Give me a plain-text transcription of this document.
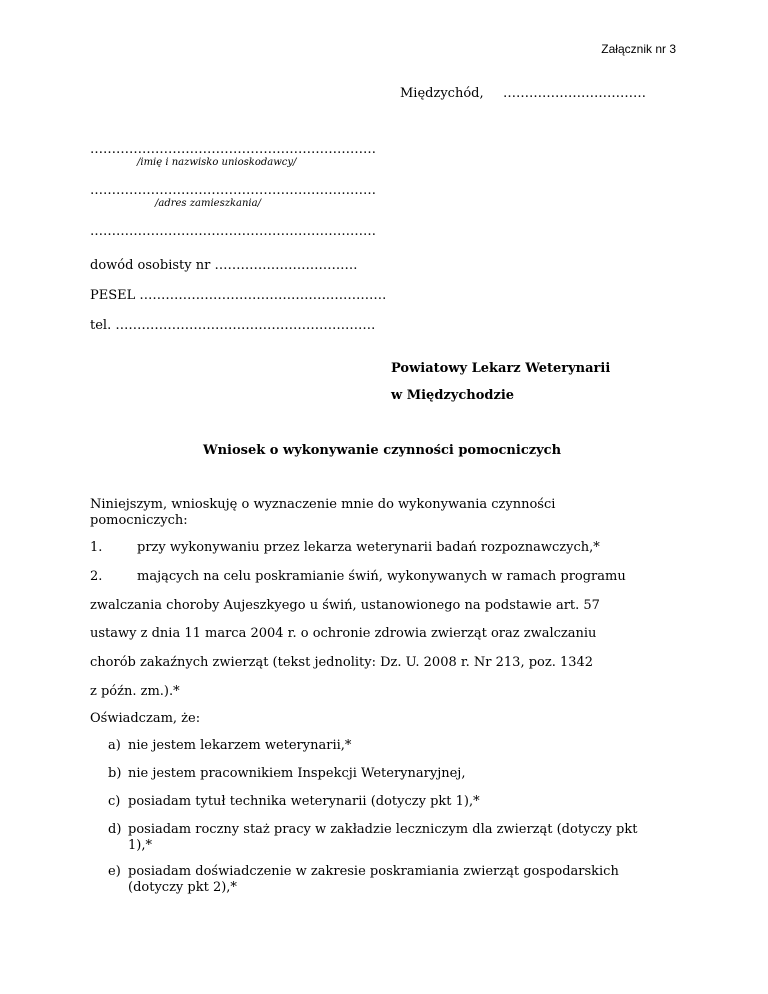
Załącznik nr 3
Międzychód, ……………………………
…………………………………………………………
/imię i nazwisko unioskodawcy/
…………………………………………………………
/adres zamieszkania/
…………………………………………………………
dowód osobisty nr ……………………………
PESEL …………………………………………………
tel. ……………………………………………………
Powiatowy Lekarz Weterynarii
w Międzychodzie
Wniosek o wykonywanie czynności pomocniczych
Niniejszym, wnioskuję o wyznaczenie mnie do wykonywania czynności
pomocniczych:
1.	przy wykonywaniu przez lekarza weterynarii badań rozpoznawczych,*
2.	mających na celu poskramianie świń, wykonywanych w ramach programu
zwalczania choroby Aujeszkyego u świń, ustanowionego na podstawie art. 57
ustawy z dnia 11 marca 2004 r. o ochronie zdrowia zwierząt oraz zwalczaniu
chorób zakaźnych zwierząt (tekst jednolity: Dz. U. 2008 r. Nr 213, poz. 1342
z późn. zm.).*
Oświadczam, że:
a) nie jestem lekarzem weterynarii,*
b) nie jestem pracownikiem Inspekcji Weterynaryjnej,
c) posiadam tytuł technika weterynarii (dotyczy pkt 1),*
d) posiadam roczny staż pracy w zakładzie leczniczym dla zwierząt (dotyczy pkt
1),*
e) posiadam doświadczenie w zakresie poskramiania zwierząt gospodarskich
(dotyczy pkt 2),*
